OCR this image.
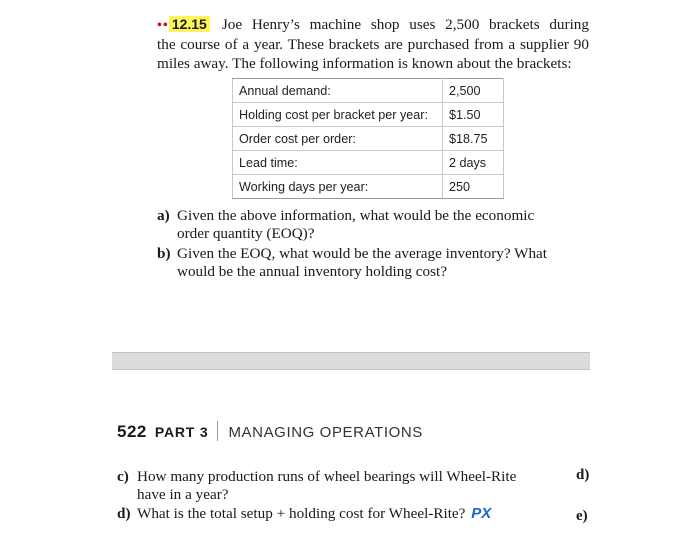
•• 12.15 Joe Henry’s machine shop uses 2,500 brackets during
the course of a year. These brackets are purchased from a supplier 90
miles away. The following information is known about the brackets:
Annual demand:	2,500
Holding cost per bracket per year:	$1.50
Order cost per order:	$18.75
Lead time:	2 days
Working days per year:	250
a) Given the above information, what would be the economic
order quantity (EOQ)?
b) Given the EOQ, what would be the average inventory? What
would be the annual inventory holding cost?
522 PART 3 MANAGING OPERATIONS
c) How many production runs of wheel bearings will Wheel-Rite
have in a year?
d) What is the total setup + holding cost for Wheel-Rite? PX
d)
e)
